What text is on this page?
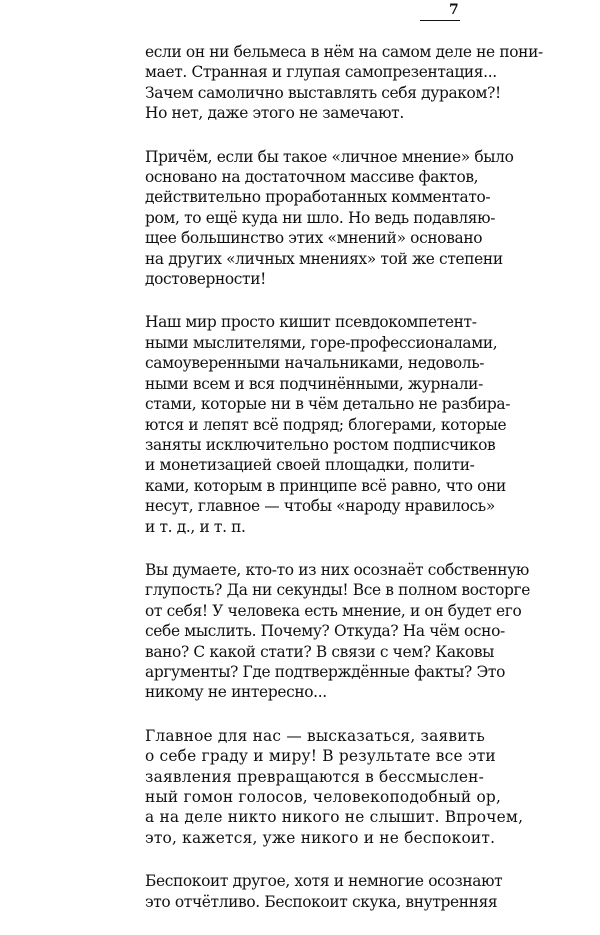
7
если он ни бельмеса в нём на самом деле не пони-
мает. Странная и глупая самопрезентация...
Зачем самолично выставлять себя дураком?!
Но нет, даже этого не замечают.
Причём, если бы такое «личное мнение» было
основано на достаточном массиве фактов,
действительно проработанных комментато-
ром, то ещё куда ни шло. Но ведь подавляю-
щее большинство этих «мнений» основано
на других «личных мнениях» той же степени
достоверности!
Наш мир просто кишит псевдокомпетент-
ными мыслителями, горе-профессионалами,
самоуверенными начальниками, недоволь-
ными всем и вся подчинёнными, журнали-
стами, которые ни в чём детально не разбира-
ются и лепят всё подряд; блогерами, которые
заняты исключительно ростом подписчиков
и монетизацией своей площадки, полити-
ками, которым в принципе всё равно, что они
несут, главное — чтобы «народу нравилось»
и т. д., и т. п.
Вы думаете, кто-то из них осознаёт собственную
глупость? Да ни секунды! Все в полном восторге
от себя! У человека есть мнение, и он будет его
себе мыслить. Почему? Откуда? На чём осно-
вано? С какой стати? В связи с чем? Каковы
аргументы? Где подтверждённые факты? Это
никому не интересно...
Главное для нас — высказаться, заявить
о себе граду и миру! В результате все эти
заявления превращаются в бессмыслен-
ный гомон голосов, человекоподобный ор,
а на деле никто никого не слышит. Впрочем,
это, кажется, уже никого и не беспокоит.
Беспокоит другое, хотя и немногие осознают
это отчётливо. Беспокоит скука, внутренняя
